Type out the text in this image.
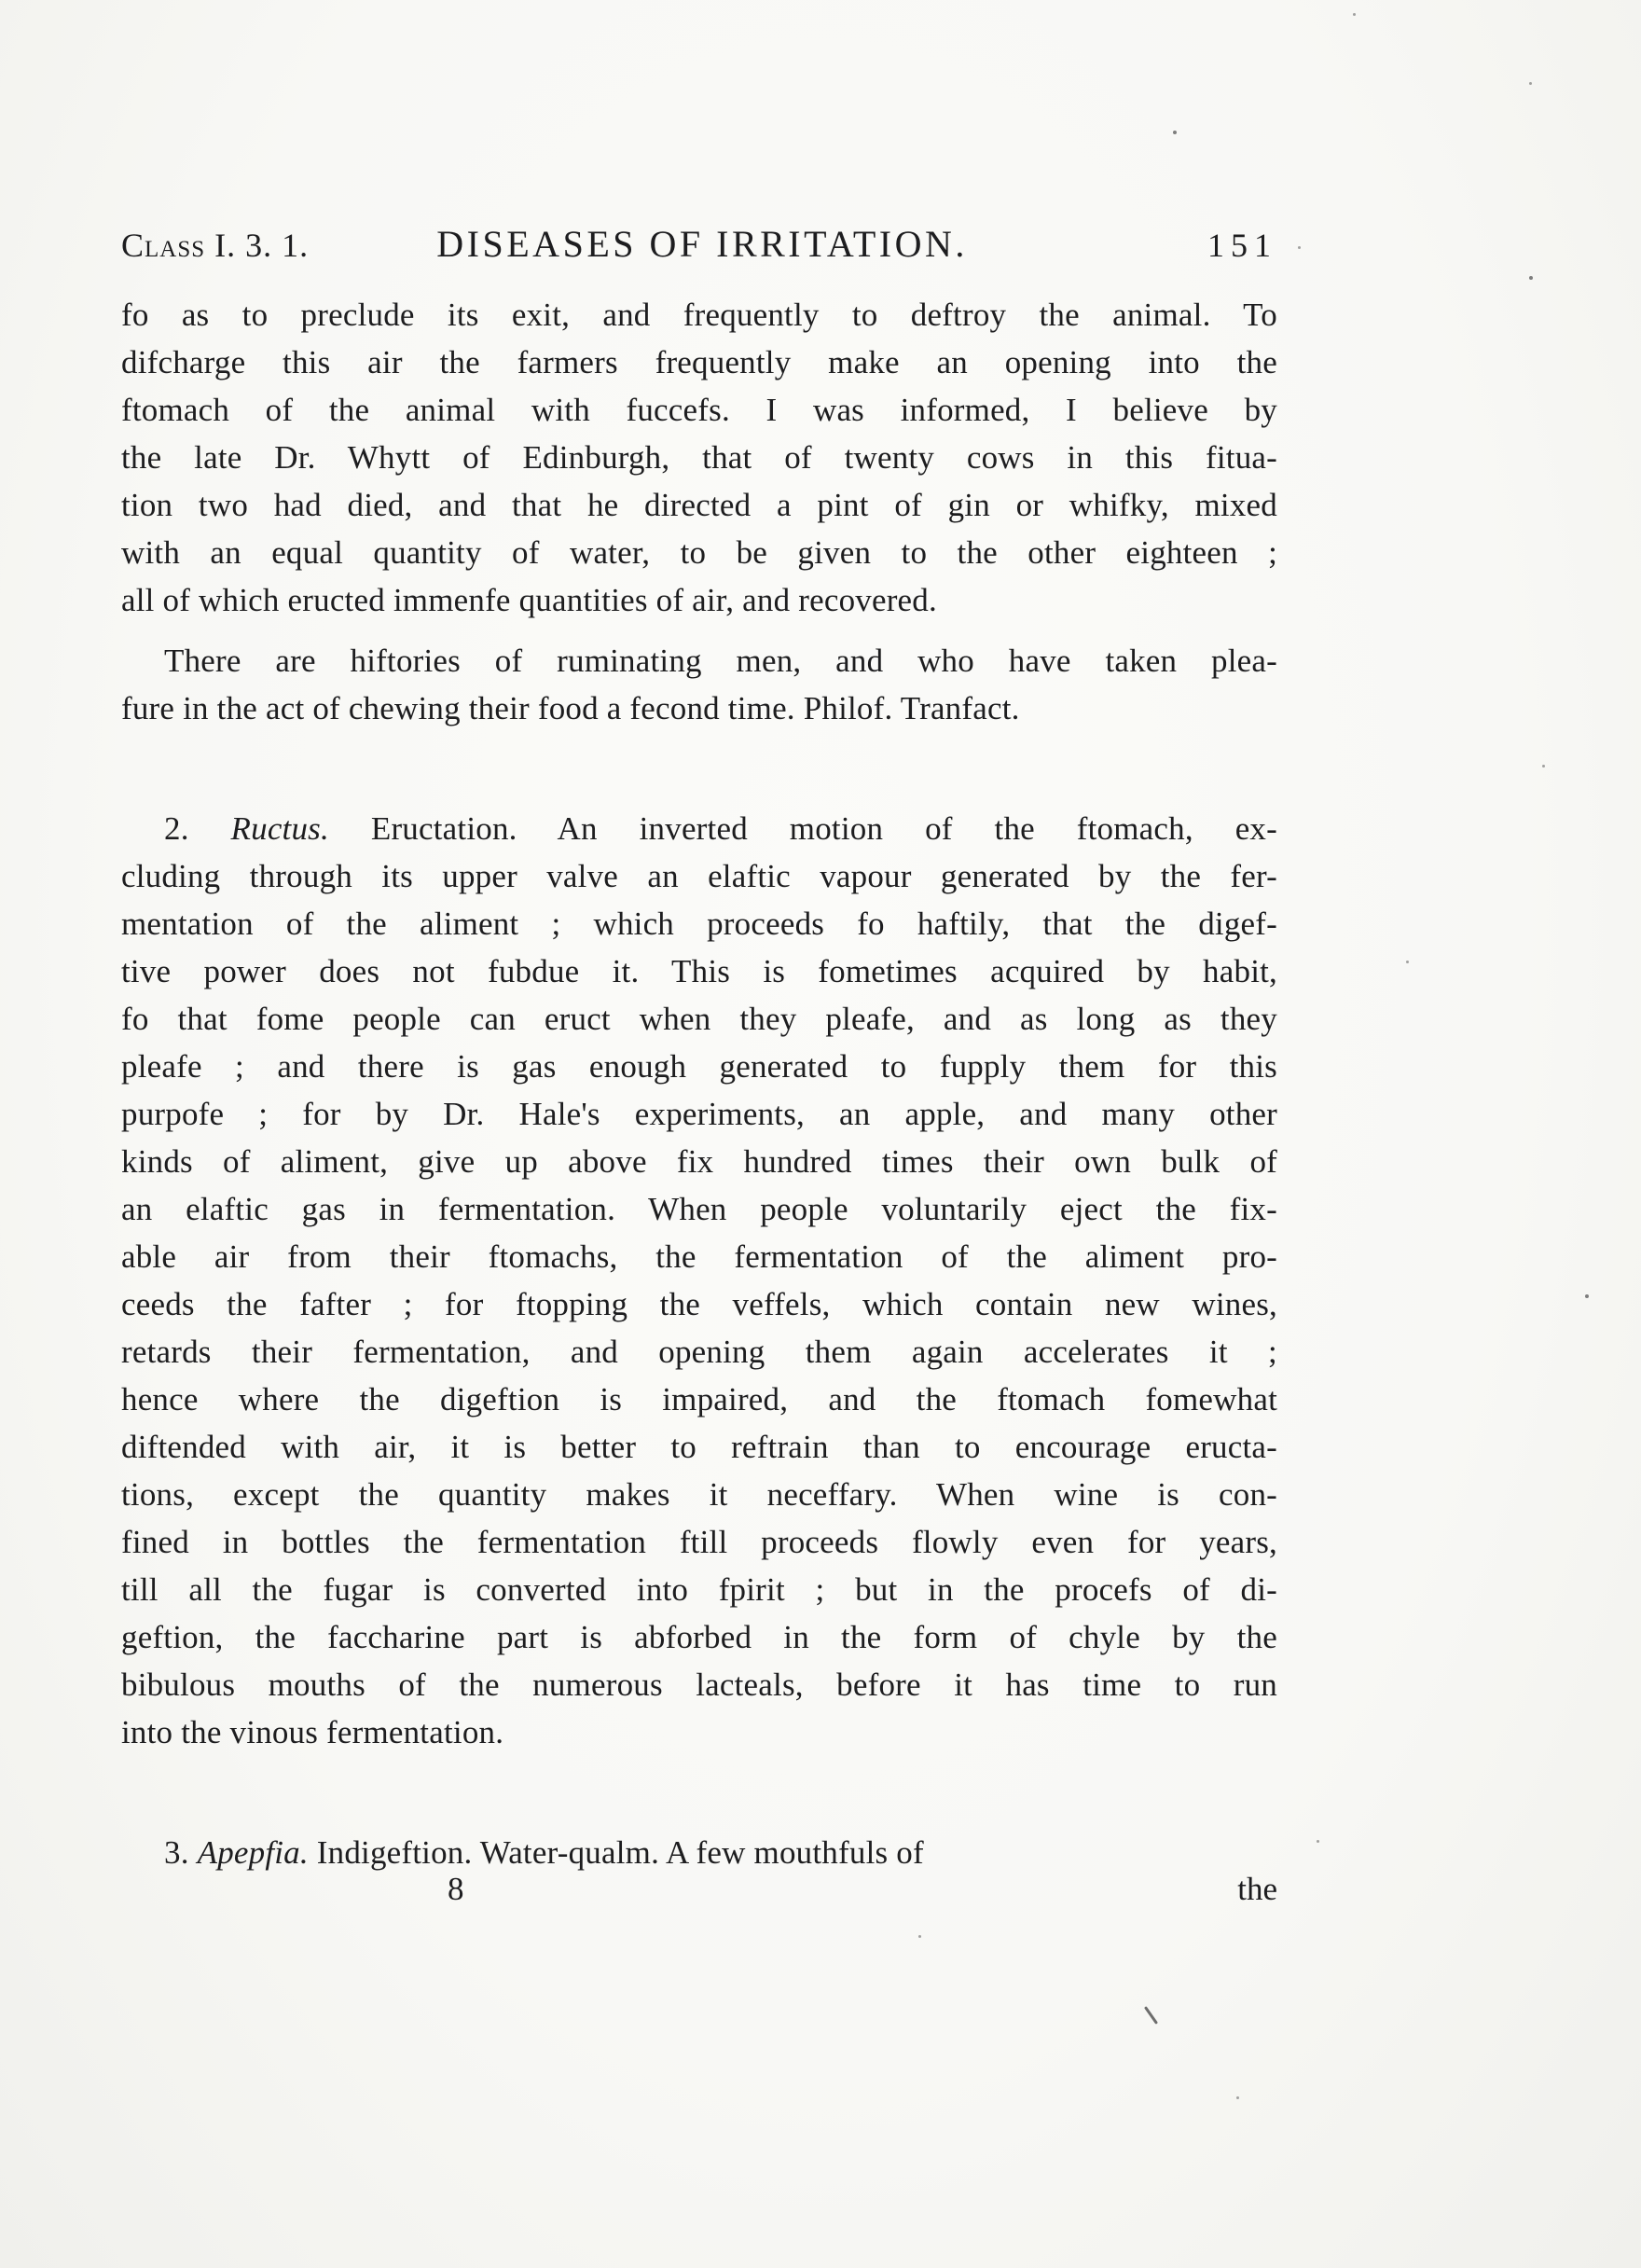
Class I. 3. 1.	DISEASES OF IRRITATION.	151
fo as to preclude its exit, and frequently to deftroy the animal. To
difcharge this air the farmers frequently make an opening into the
ftomach of the animal with fuccefs. I was informed, I believe by
the late Dr. Whytt of Edinburgh, that of twenty cows in this fitua-
tion two had died, and that he directed a pint of gin or whifky, mixed
with an equal quantity of water, to be given to the other eighteen ;
all of which eructed immenfe quantities of air, and recovered.
There are hiftories of ruminating men, and who have taken plea-
fure in the act of chewing their food a fecond time. Philof. Tranfact.
2. Ructus. Eructation. An inverted motion of the ftomach, ex-
cluding through its upper valve an elaftic vapour generated by the fer-
mentation of the aliment ; which proceeds fo haftily, that the digef-
tive power does not fubdue it. This is fometimes acquired by habit,
fo that fome people can eruct when they pleafe, and as long as they
pleafe ; and there is gas enough generated to fupply them for this
purpofe ; for by Dr. Hale's experiments, an apple, and many other
kinds of aliment, give up above fix hundred times their own bulk of
an elaftic gas in fermentation. When people voluntarily eject the fix-
able air from their ftomachs, the fermentation of the aliment pro-
ceeds the fafter ; for ftopping the veffels, which contain new wines,
retards their fermentation, and opening them again accelerates it ;
hence where the digeftion is impaired, and the ftomach fomewhat
diftended with air, it is better to reftrain than to encourage eructa-
tions, except the quantity makes it neceffary. When wine is con-
fined in bottles the fermentation ftill proceeds flowly even for years,
till all the fugar is converted into fpirit ; but in the procefs of di-
geftion, the faccharine part is abforbed in the form of chyle by the
bibulous mouths of the numerous lacteals, before it has time to run
into the vinous fermentation.
3. Apepfia. Indigeftion. Water-qualm. A few mouthfuls of
8	the
